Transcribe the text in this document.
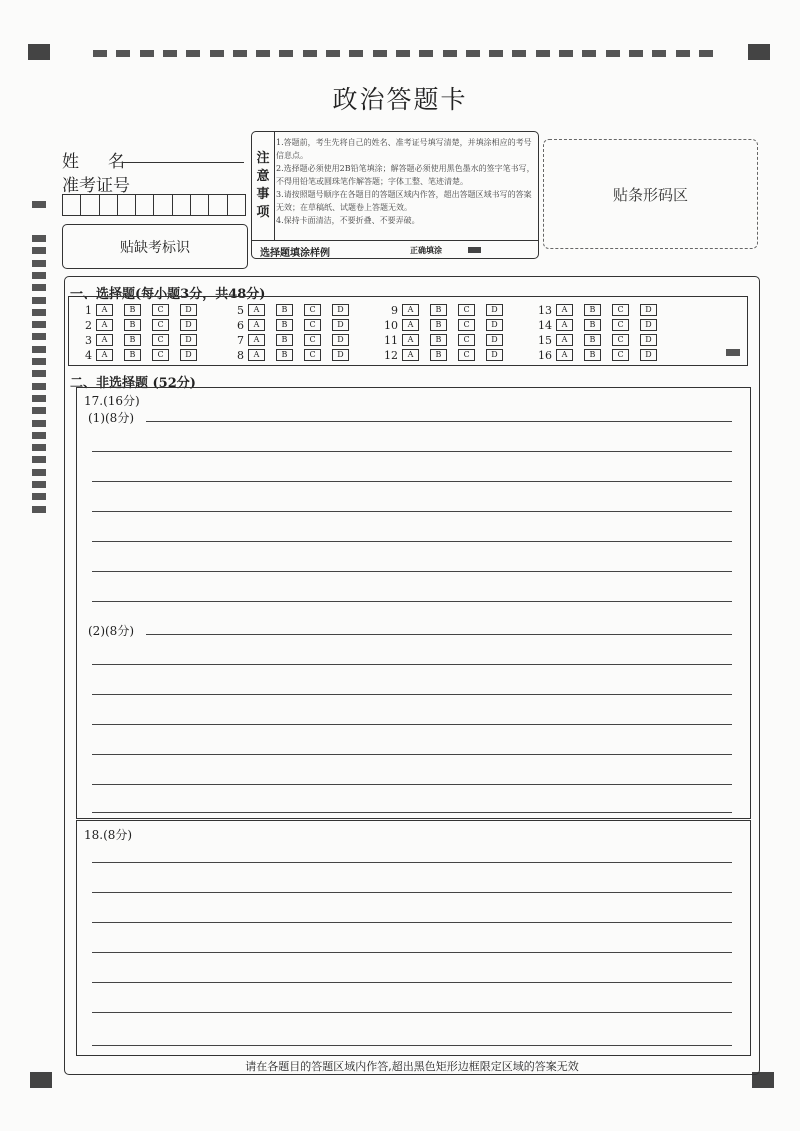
政治答题卡
姓　名
准考证号
贴缺考标识
注
意
事
项
1.答题前，考生先将自己的姓名、准考证号填写清楚，并填涂相应的考号信息点。
2.选择题必须使用2B铅笔填涂；解答题必须使用黑色墨水的签字笔书写，不得用铅笔或圆珠笔作解答题；字体工整、笔迹清楚。
3.请按照题号顺序在各题目的答题区域内作答，超出答题区域书写的答案无效；在草稿纸、试题卷上答题无效。
4.保持卡面清洁，不要折叠、不要弄破。
选择题填涂样例	正确填涂
贴条形码区
一、选择题(每小题3分，共48分)
1	A	B	C	D
2	A	B	C	D
3	A	B	C	D
4	A	B	C	D
5	A	B	C	D
6	A	B	C	D
7	A	B	C	D
8	A	B	C	D
9	A	B	C	D
10	A	B	C	D
11	A	B	C	D
12	A	B	C	D
13	A	B	C	D
14	A	B	C	D
15	A	B	C	D
16	A	B	C	D
二、非选择题 (52分)
17.(16分)
(1)(8分)
(2)(8分)
18.(8分)
请在各题目的答题区域内作答,超出黑色矩形边框限定区域的答案无效
